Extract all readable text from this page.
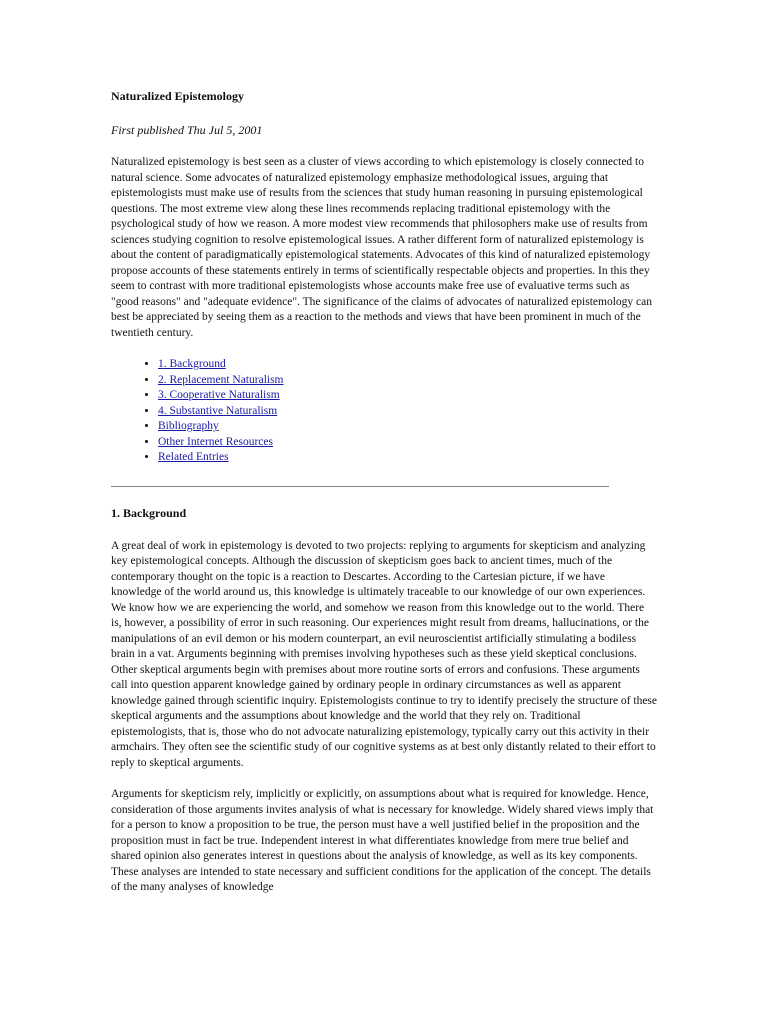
Naturalized Epistemology
First published Thu Jul 5, 2001

Naturalized epistemology is best seen as a cluster of views according to which epistemology is closely connected to natural science. Some advocates of naturalized epistemology emphasize methodological issues, arguing that epistemologists must make use of results from the sciences that study human reasoning in pursuing epistemological questions. The most extreme view along these lines recommends replacing traditional epistemology with the psychological study of how we reason. A more modest view recommends that philosophers make use of results from sciences studying cognition to resolve epistemological issues. A rather different form of naturalized epistemology is about the content of paradigmatically epistemological statements. Advocates of this kind of naturalized epistemology propose accounts of these statements entirely in terms of scientifically respectable objects and properties. In this they seem to contrast with more traditional epistemologists whose accounts make free use of evaluative terms such as "good reasons" and "adequate evidence". The significance of the claims of advocates of naturalized epistemology can best be appreciated by seeing them as a reaction to the methods and views that have been prominent in much of the twentieth century.

• 1. Background
• 2. Replacement Naturalism
• 3. Cooperative Naturalism
• 4. Substantive Naturalism
• Bibliography
• Other Internet Resources
• Related Entries
1. Background

A great deal of work in epistemology is devoted to two projects: replying to arguments for skepticism and analyzing key epistemological concepts. Although the discussion of skepticism goes back to ancient times, much of the contemporary thought on the topic is a reaction to Descartes. According to the Cartesian picture, if we have knowledge of the world around us, this knowledge is ultimately traceable to our knowledge of our own experiences. We know how we are experiencing the world, and somehow we reason from this knowledge out to the world. There is, however, a possibility of error in such reasoning. Our experiences might result from dreams, hallucinations, or the manipulations of an evil demon or his modern counterpart, an evil neuroscientist artificially stimulating a bodiless brain in a vat. Arguments beginning with premises involving hypotheses such as these yield skeptical conclusions. Other skeptical arguments begin with premises about more routine sorts of errors and confusions. These arguments call into question apparent knowledge gained by ordinary people in ordinary circumstances as well as apparent knowledge gained through scientific inquiry. Epistemologists continue to try to identify precisely the structure of these skeptical arguments and the assumptions about knowledge and the world that they rely on. Traditional epistemologists, that is, those who do not advocate naturalizing epistemology, typically carry out this activity in their armchairs. They often see the scientific study of our cognitive systems as at best only distantly related to their effort to reply to skeptical arguments.

Arguments for skepticism rely, implicitly or explicitly, on assumptions about what is required for knowledge. Hence, consideration of those arguments invites analysis of what is necessary for knowledge. Widely shared views imply that for a person to know a proposition to be true, the person must have a well justified belief in the proposition and the proposition must in fact be true. Independent interest in what differentiates knowledge from mere true belief and shared opinion also generates interest in questions about the analysis of knowledge, as well as its key components. These analyses are intended to state necessary and sufficient conditions for the application of the concept. The details of the many analyses of knowledge
